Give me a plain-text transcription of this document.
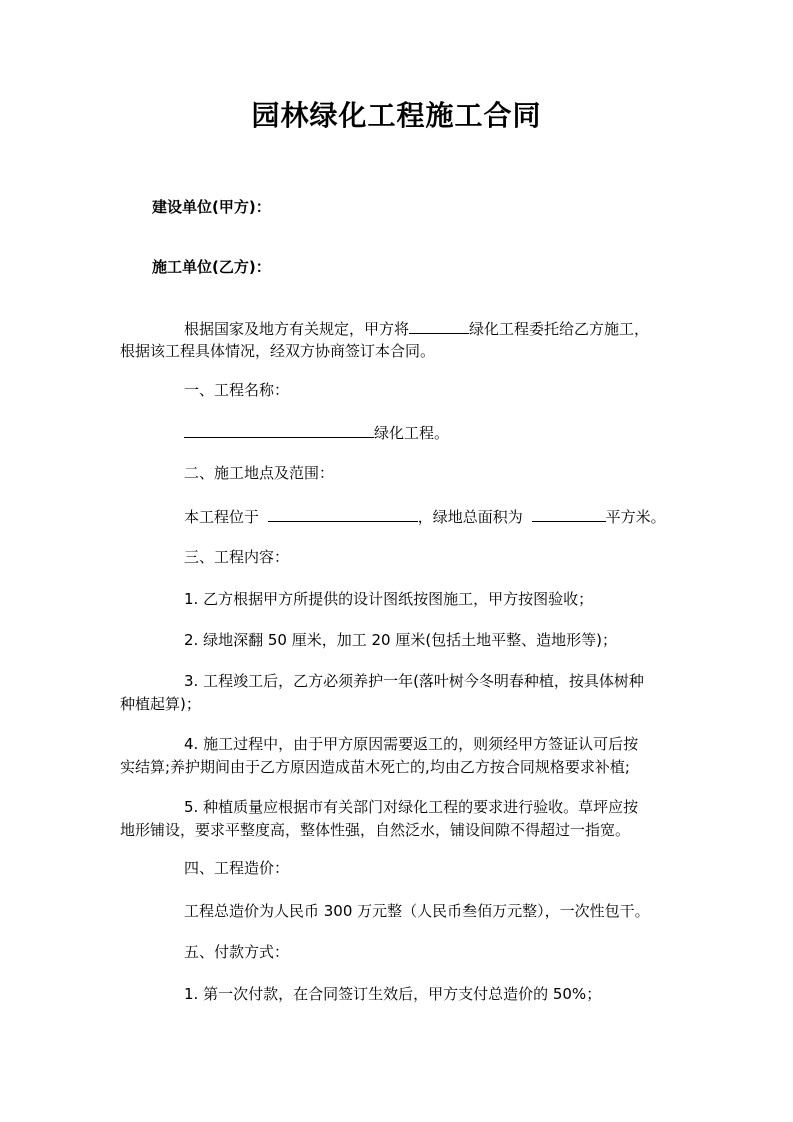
园林绿化工程施工合同
建设单位(甲方)：
施工单位(乙方)：
根据国家及地方有关规定，甲方将	绿化工程委托给乙方施工，
根据该工程具体情况，经双方协商签订本合同。
一、工程名称：
绿化工程。
二、施工地点及范围：
本工程位于	，绿地总面积为	平方米。
三、工程内容：
1. 乙方根据甲方所提供的设计图纸按图施工，甲方按图验收；
2. 绿地深翻 50 厘米，加工 20 厘米(包括土地平整、造地形等)；
3. 工程竣工后，乙方必须养护一年(落叶树今冬明春种植，按具体树种
种植起算)；
4. 施工过程中，由于甲方原因需要返工的，则须经甲方签证认可后按
实结算;养护期间由于乙方原因造成苗木死亡的,均由乙方按合同规格要求补植;
5. 种植质量应根据市有关部门对绿化工程的要求进行验收。草坪应按
地形铺设，要求平整度高，整体性强，自然泛水，铺设间隙不得超过一指宽。
四、工程造价：
工程总造价为人民币 300 万元整（人民币叁佰万元整），一次性包干。
五、付款方式：
1. 第一次付款，在合同签订生效后，甲方支付总造价的 50%；
